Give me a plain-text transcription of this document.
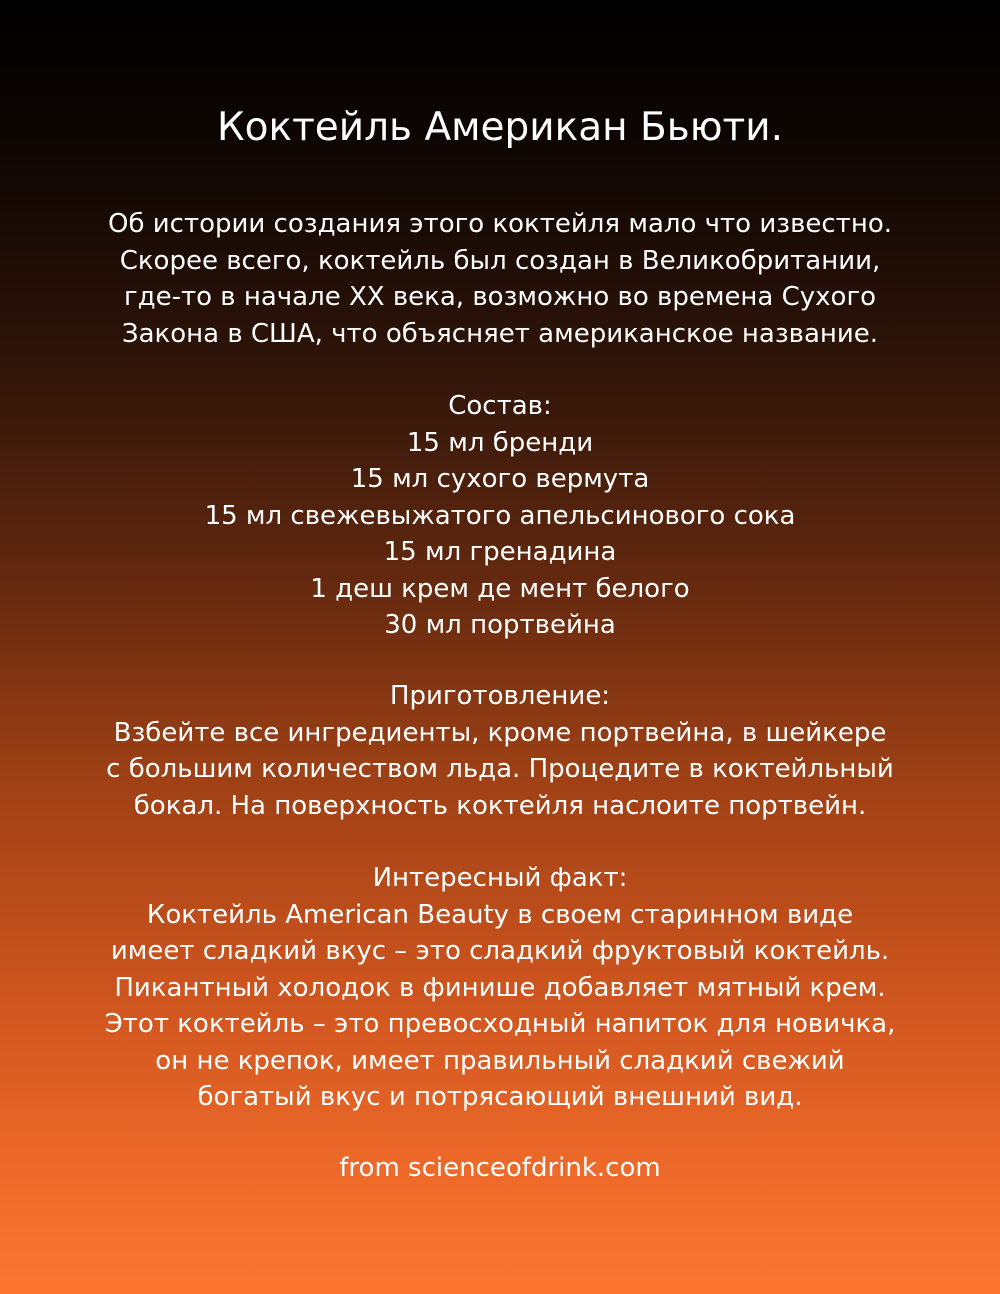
Коктейль Американ Бьюти.
Об истории создания этого коктейля мало что известно.
Скорее всего, коктейль был создан в Великобритании,
где-то в начале XX века, возможно во времена Сухого
Закона в США, что объясняет американское название.
Состав:
15 мл бренди
15 мл сухого вермута
15 мл свежевыжатого апельсинового сока
15 мл гренадина
1 деш крем де мент белого
30 мл портвейна
Приготовление:
Взбейте все ингредиенты, кроме портвейна, в шейкере
с большим количеством льда. Процедите в коктейльный
бокал. На поверхность коктейля наслоите портвейн.
Интересный факт:
Коктейль American Beauty в своем старинном виде
имеет сладкий вкус – это сладкий фруктовый коктейль.
Пикантный холодок в финише добавляет мятный крем.
Этот коктейль – это превосходный напиток для новичка,
он не крепок, имеет правильный сладкий свежий
богатый вкус и потрясающий внешний вид.
from scienceofdrink.com
